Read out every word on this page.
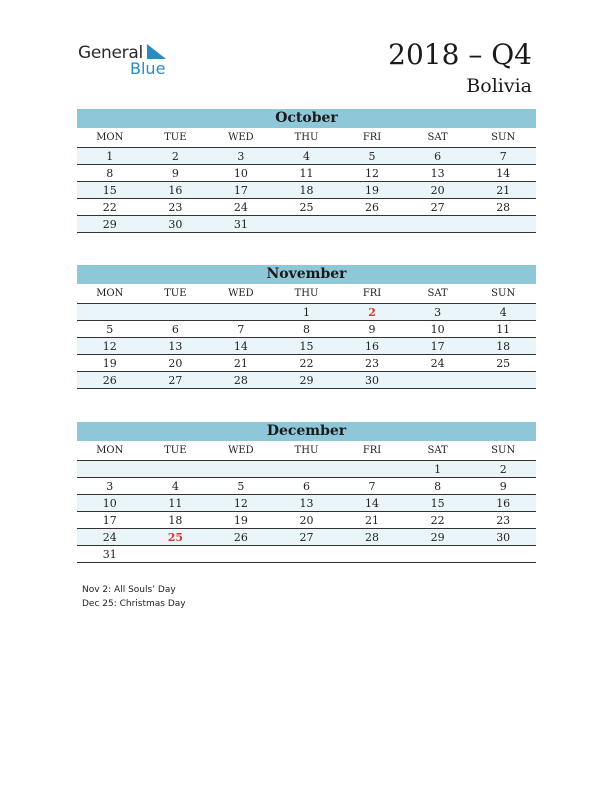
General
Blue	2018 – Q4
Bolivia
October
MON	TUE	WED	THU	FRI	SAT	SUN
1	2	3	4	5	6	7
8	9	10	11	12	13	14
15	16	17	18	19	20	21
22	23	24	25	26	27	28
29	30	31				
November
MON	TUE	WED	THU	FRI	SAT	SUN
			1	2	3	4
5	6	7	8	9	10	11
12	13	14	15	16	17	18
19	20	21	22	23	24	25
26	27	28	29	30		
December
MON	TUE	WED	THU	FRI	SAT	SUN
					1	2
3	4	5	6	7	8	9
10	11	12	13	14	15	16
17	18	19	20	21	22	23
24	25	26	27	28	29	30
31						
Nov 2: All Souls’ Day
Dec 25: Christmas Day
